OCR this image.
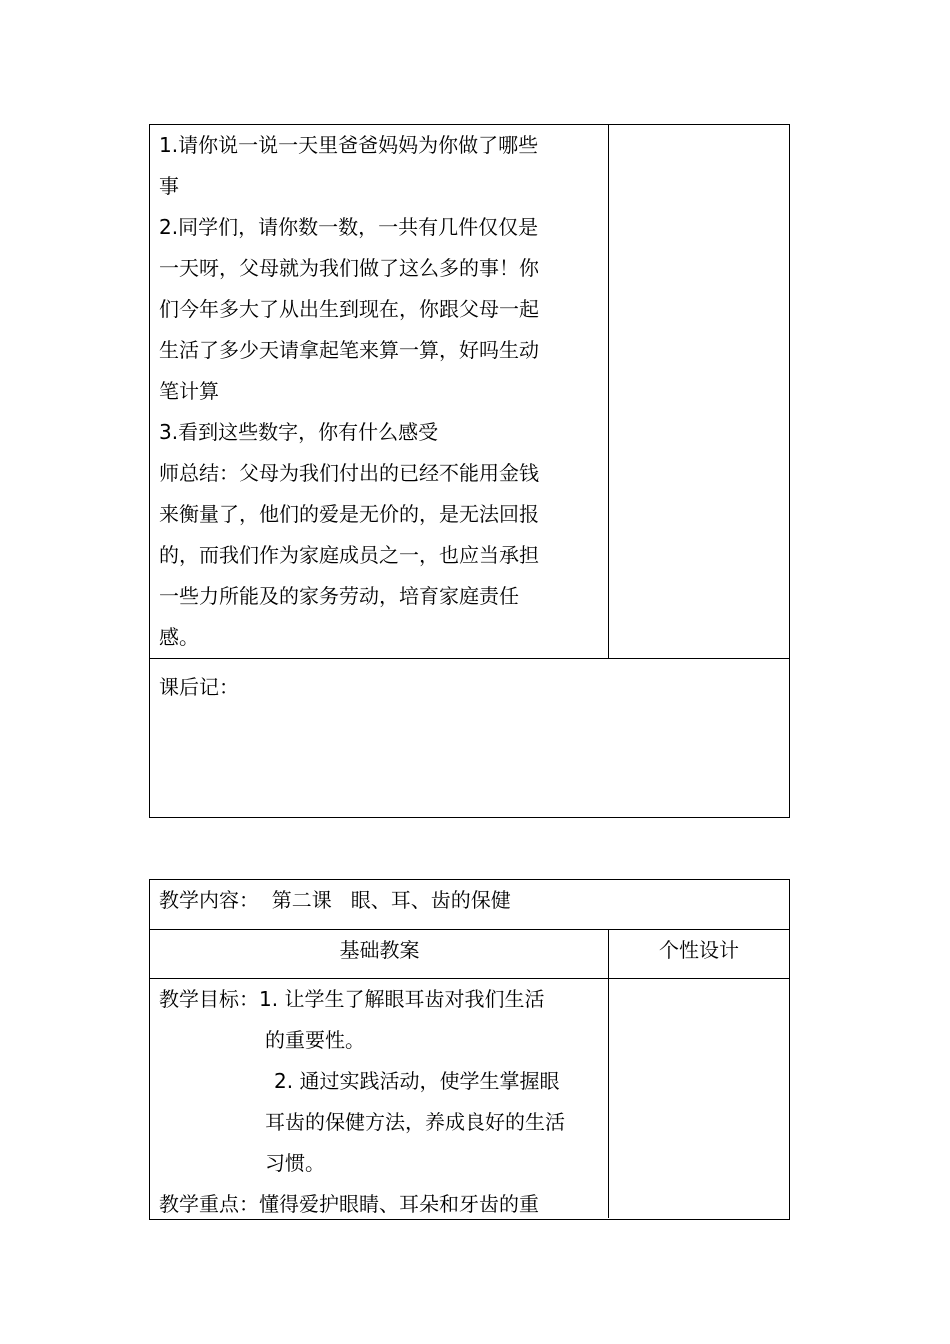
1.请你说一说一天里爸爸妈妈为你做了哪些
事
2.同学们，请你数一数，一共有几件仅仅是
一天呀，父母就为我们做了这么多的事！你
们今年多大了从出生到现在，你跟父母一起
生活了多少天请拿起笔来算一算，好吗生动
笔计算
3.看到这些数字，你有什么感受
师总结：父母为我们付出的已经不能用金钱
来衡量了，他们的爱是无价的，是无法回报
的，而我们作为家庭成员之一，也应当承担
一些力所能及的家务劳动，培育家庭责任
感。
课后记：
教学内容：  第二课   眼、耳、齿的保健
基础教案	个性设计
教学目标：1. 让学生了解眼耳齿对我们生活
的重要性。
2. 通过实践活动，使学生掌握眼
耳齿的保健方法，养成良好的生活
习惯。
教学重点：懂得爱护眼睛、耳朵和牙齿的重
